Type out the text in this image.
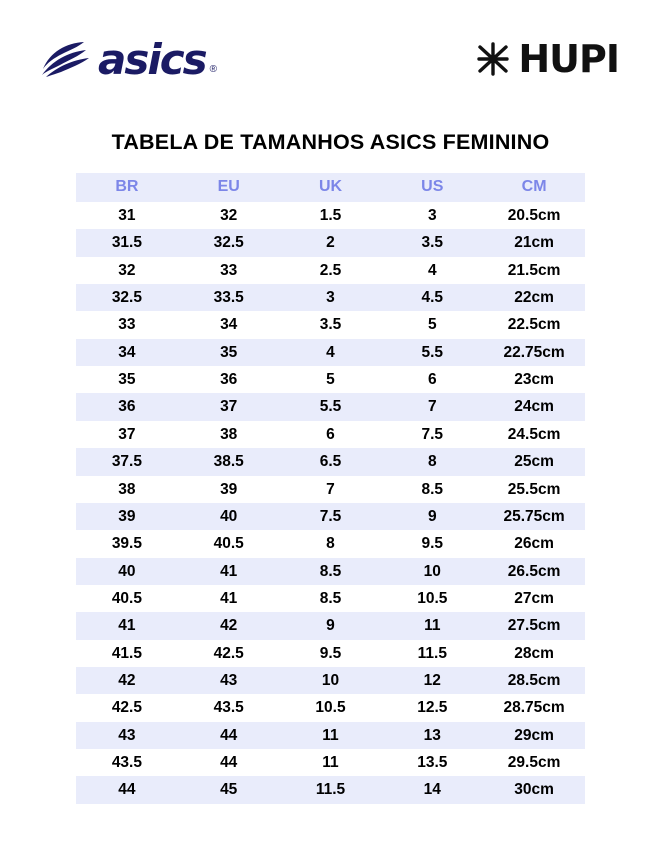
asics ®	HUPI
TABELA DE TAMANHOS ASICS FEMININO
BR	EU	UK	US	CM
31	32	1.5	3	20.5cm
31.5	32.5	2	3.5	21cm
32	33	2.5	4	21.5cm
32.5	33.5	3	4.5	22cm
33	34	3.5	5	22.5cm
34	35	4	5.5	22.75cm
35	36	5	6	23cm
36	37	5.5	7	24cm
37	38	6	7.5	24.5cm
37.5	38.5	6.5	8	25cm
38	39	7	8.5	25.5cm
39	40	7.5	9	25.75cm
39.5	40.5	8	9.5	26cm
40	41	8.5	10	26.5cm
40.5	41	8.5	10.5	27cm
41	42	9	11	27.5cm
41.5	42.5	9.5	11.5	28cm
42	43	10	12	28.5cm
42.5	43.5	10.5	12.5	28.75cm
43	44	11	13	29cm
43.5	44	11	13.5	29.5cm
44	45	11.5	14	30cm
